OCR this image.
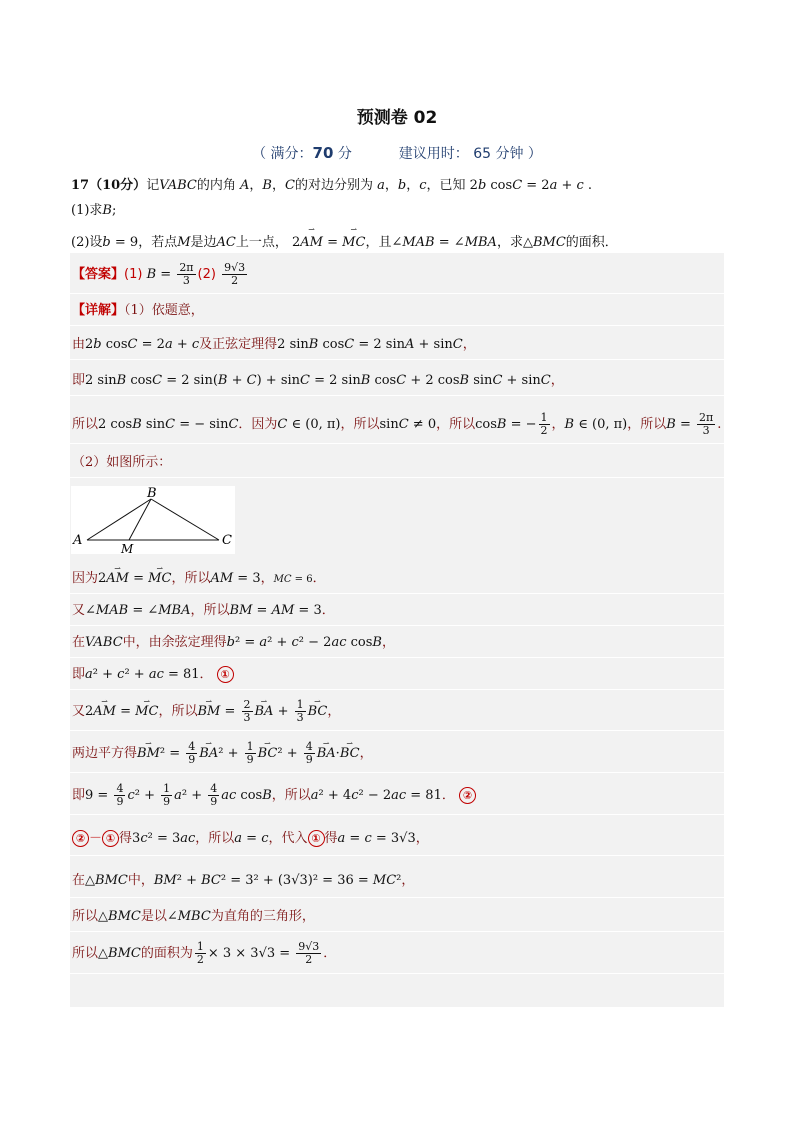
预测卷 02
（ 满分：70 分	建议用时： 65 分钟 ）
17（10分）记VABC的内角 A，B，C的对边分别为 a，b，c，已知 2b cosC = 2a + c .
(1)求B;
(2)设b = 9，若点M是边AC上一点， 2⇀ AM = ⇀ MC，且∠MAB = ∠MBA，求△BMC的面积．
【答案】(1) $B = \frac{2\pi}{3} (2) \frac{9√3}{2}$
【详解】（1）依题意，
由2b cosC = 2a + c及正弦定理得2 sinB cosC = 2 sinA + sinC，
即2 sinB cosC = 2 sin(B + C) + sinC = 2 sinB cosC + 2 cosB sinC + sinC，
所以2 cosB sinC = − sinC．因为C ∈ (0, π)，所以sinC ≠ 0，所以cosB = − $\frac{1}{2}$ ，B ∈ (0, π)，所以$B = \frac{2\pi}{3}$ .
（2）如图所示：
B
A	C
M
因为2⇀ AM = ⇀ MC，所以AM = 3，MC = 6．
又∠MAB = ∠MBA，所以BM = AM = 3．
在VABC中，由余弦定理得b² = a² + c² − 2ac cosB，
即a² + c² + ac = 81． ①
又2⇀ AM = ⇀ MC，所以⇀ BM = $\frac{2}{3}$ ⇀ BA + $\frac{1}{3}$ ⇀ BC，
两边平方得⇀ $BM^2 = \frac{4}{9}$ ⇀ $BA^2 + \frac{1}{9}$ ⇀ $BC^2 + \frac{4}{9}$ ⇀ BA·⇀ BC，
即$9 = \frac{4}{9} c^2 + \frac{1}{9} a^2 + \frac{4}{9}$ ac cosB，所以a² + 4c² − 2ac = 81． ②
② － ① 得3c² = 3ac，所以a = c，代入 ① 得a = c = 3√3，
在△BMC中，BM² + BC² = 3² + (3√3)² = 36 = MC²，
所以△BMC是以∠MBC为直角的三角形，
所以△BMC的面积为 $\frac{1}{2} \times 3 \times 3√3 = \frac{9√3}{2}$ ．
